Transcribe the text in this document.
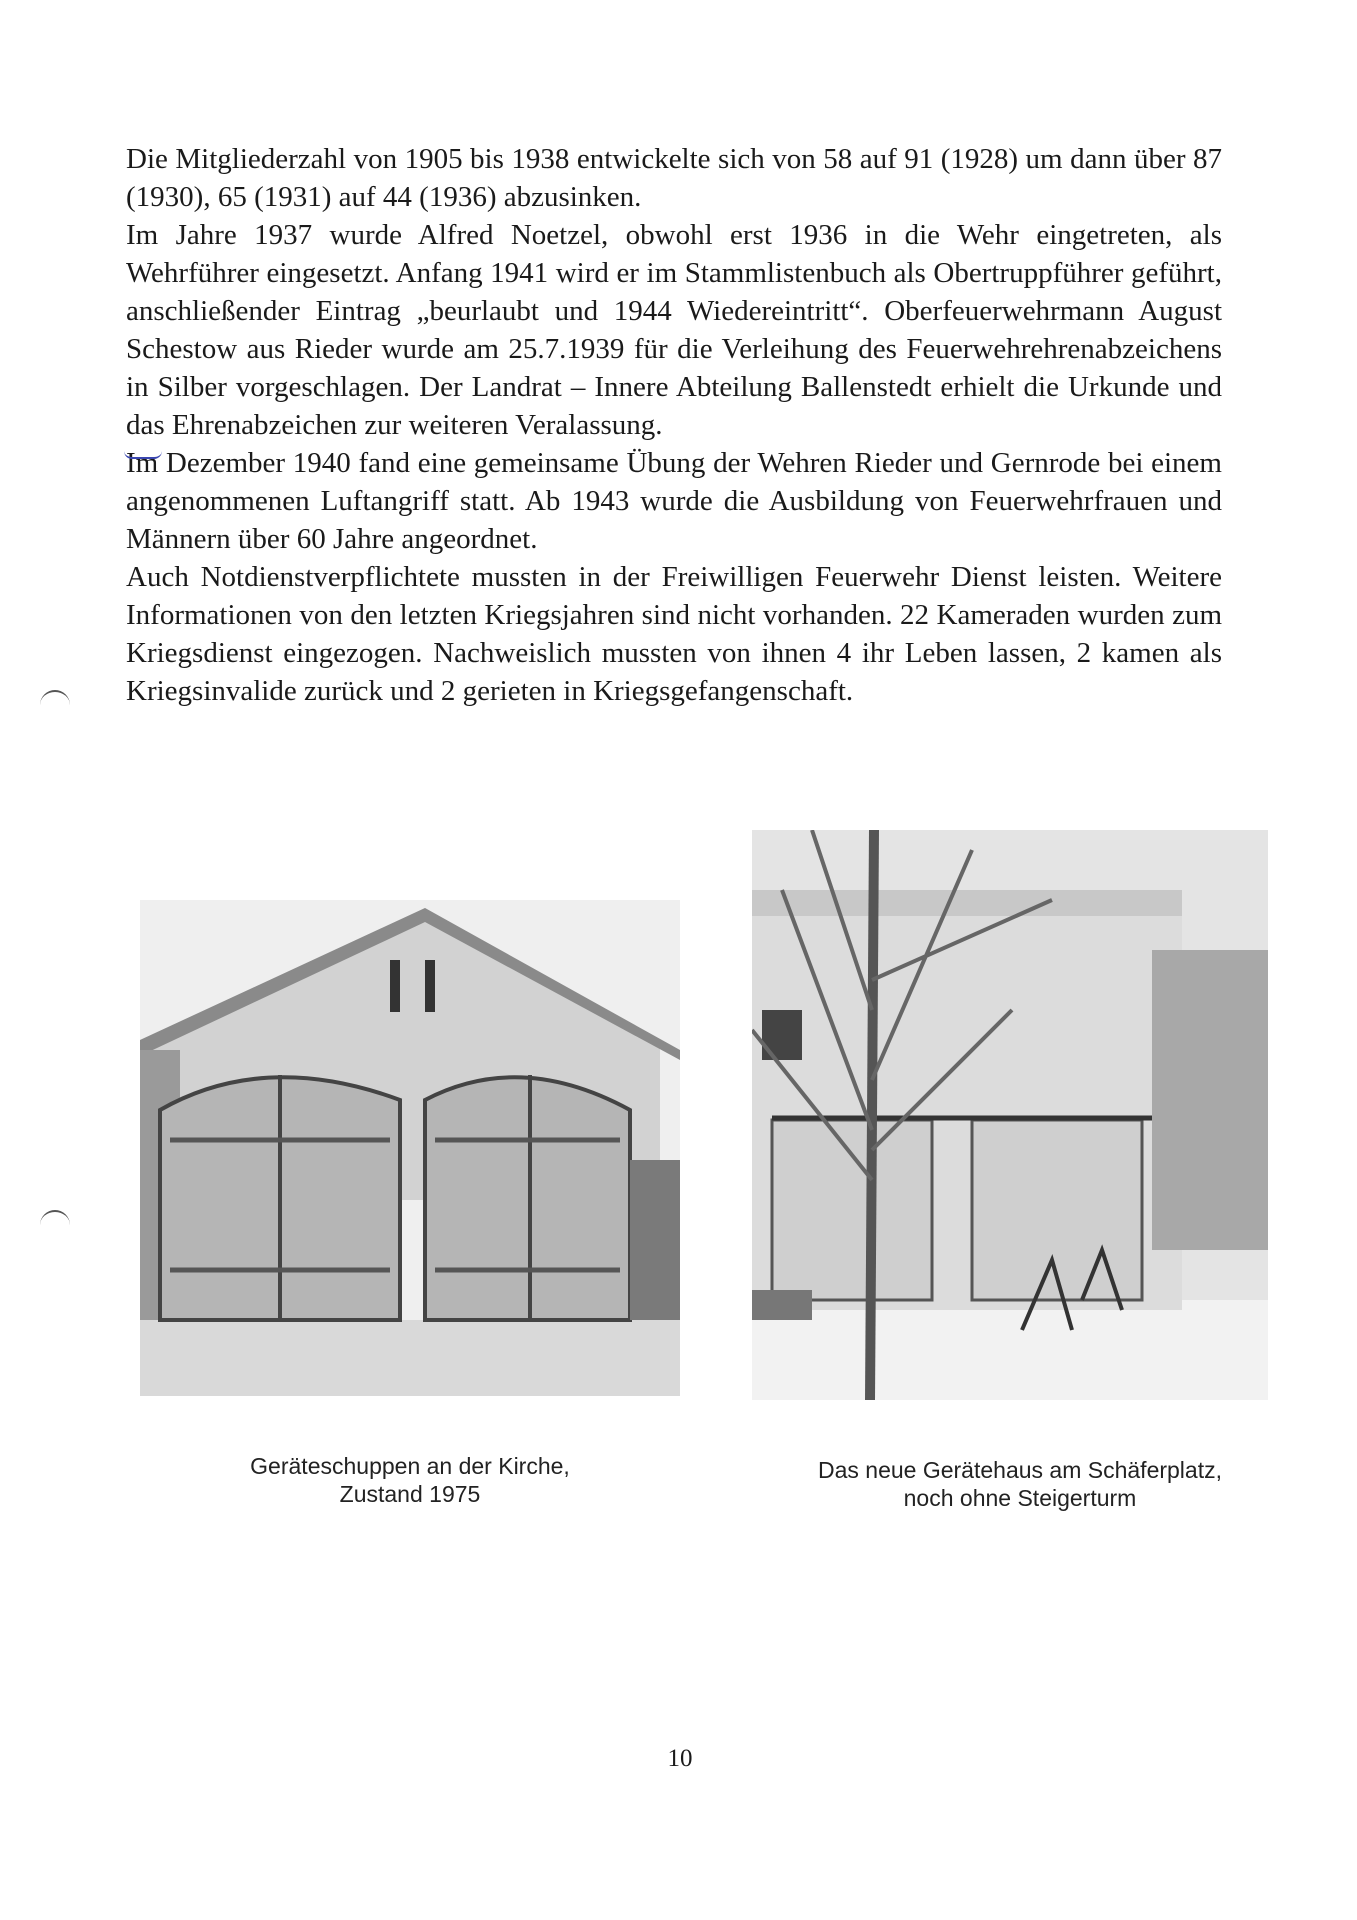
Die Mitgliederzahl von 1905 bis 1938 entwickelte sich von 58 auf 91 (1928) um dann über 87 (1930), 65 (1931) auf 44 (1936) abzusinken.

Im Jahre 1937 wurde Alfred Noetzel, obwohl erst 1936 in die Wehr eingetreten, als Wehrführer eingesetzt. Anfang 1941 wird er im Stammlistenbuch als Obertruppführer geführt, anschließender Eintrag „beurlaubt und 1944 Wiedereintritt“. Oberfeuerwehrmann August Schestow aus Rieder wurde am 25.7.1939 für die Verleihung des Feuerwehrehrenabzeichens in Silber vorgeschlagen. Der Landrat – Innere Abteilung Ballenstedt erhielt die Urkunde und das Ehrenabzeichen zur weiteren Veralassung.

Im Dezember 1940 fand eine gemeinsame Übung der Wehren Rieder und Gernrode bei einem angenommenen Luftangriff statt. Ab 1943 wurde die Ausbildung von Feuerwehrfrauen und Männern über 60 Jahre angeordnet.

Auch Notdienstverpflichtete mussten in der Freiwilligen Feuerwehr Dienst leisten. Weitere Informationen von den letzten Kriegsjahren sind nicht vorhanden. 22 Kameraden wurden zum Kriegsdienst eingezogen. Nachweislich mussten von ihnen 4 ihr Leben lassen, 2 kamen als Kriegsinvalide zurück und 2 gerieten in Kriegsgefangenschaft.

Geräteschuppen an der Kirche,
Zustand 1975
Das neue Gerätehaus am Schäferplatz,
noch ohne Steigerturm
10
